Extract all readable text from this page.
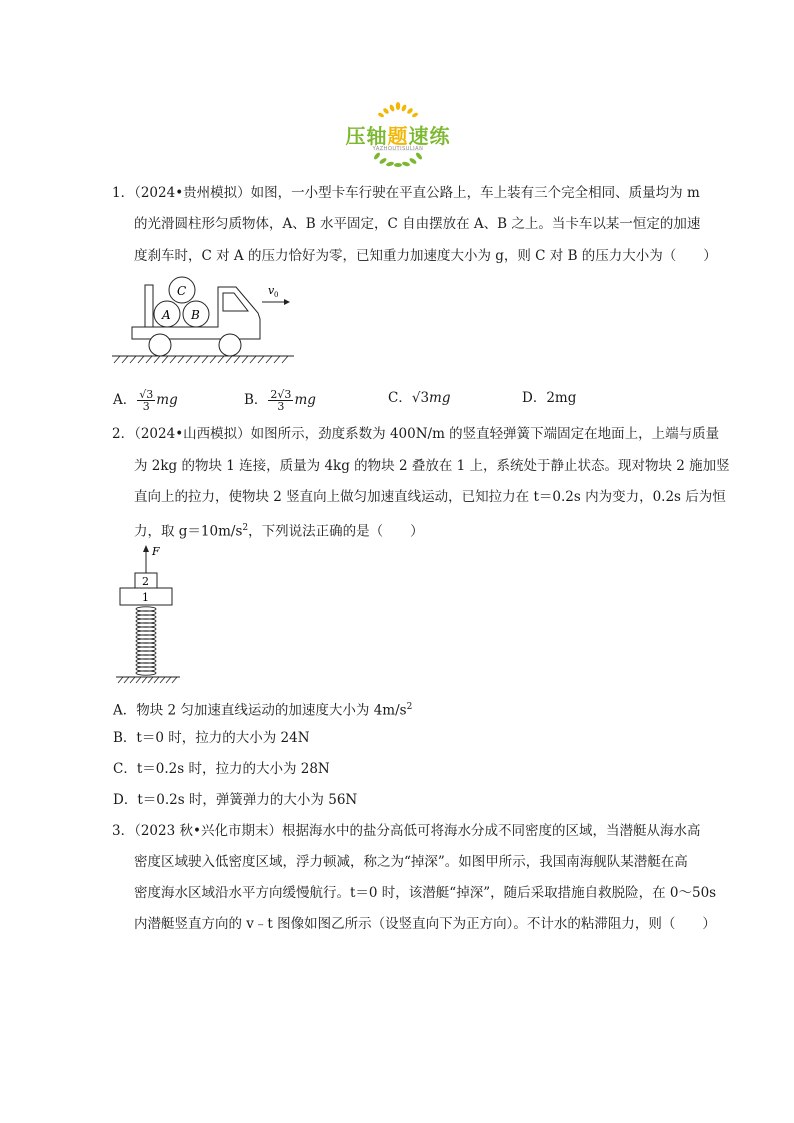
压轴题速练
YAZHOUTISULIAN
1．（2024•贵州模拟）如图，一小型卡车行驶在平直公路上，车上装有三个完全相同、质量均为 m
的光滑圆柱形匀质物体，A、B 水平固定，C 自由摆放在 A、B 之上。当卡车以某一恒定的加速
度刹车时，C 对 A 的压力恰好为零，已知重力加速度大小为 g，则 C 对 B 的压力大小为（　　）
A B
C	v 0
A． $\frac{√3}{3}$ mg	B． $\frac{2√3}{3}$ mg	C．√3mg	D．2mg
2．（2024•山西模拟）如图所示，劲度系数为 400N/m 的竖直轻弹簧下端固定在地面上，上端与质量
为 2kg 的物块 1 连接，质量为 4kg 的物块 2 叠放在 1 上，系统处于静止状态。现对物块 2 施加竖
直向上的拉力，使物块 2 竖直向上做匀加速直线运动，已知拉力在 t＝0.2s 内为变力，0.2s 后为恒
力，取 $g=10m/s^2$，下列说法正确的是（　　）
F
2
1
A．物块 2 匀加速直线运动的加速度大小为 $4m/s^2$
B．t＝0 时，拉力的大小为 24N
C．t＝0.2s 时，拉力的大小为 28N
D．t＝0.2s 时，弹簧弹力的大小为 56N
3．（2023 秋•兴化市期末）根据海水中的盐分高低可将海水分成不同密度的区域，当潜艇从海水高
密度区域驶入低密度区域，浮力顿减，称之为“掉深”。如图甲所示，我国南海舰队某潜艇在高
密度海水区域沿水平方向缓慢航行。t＝0 时，该潜艇“掉深”，随后采取措施自救脱险，在 0～50s
内潜艇竖直方向的 v﹣t 图像如图乙所示（设竖直向下为正方向）。不计水的粘滞阻力，则（　　）
